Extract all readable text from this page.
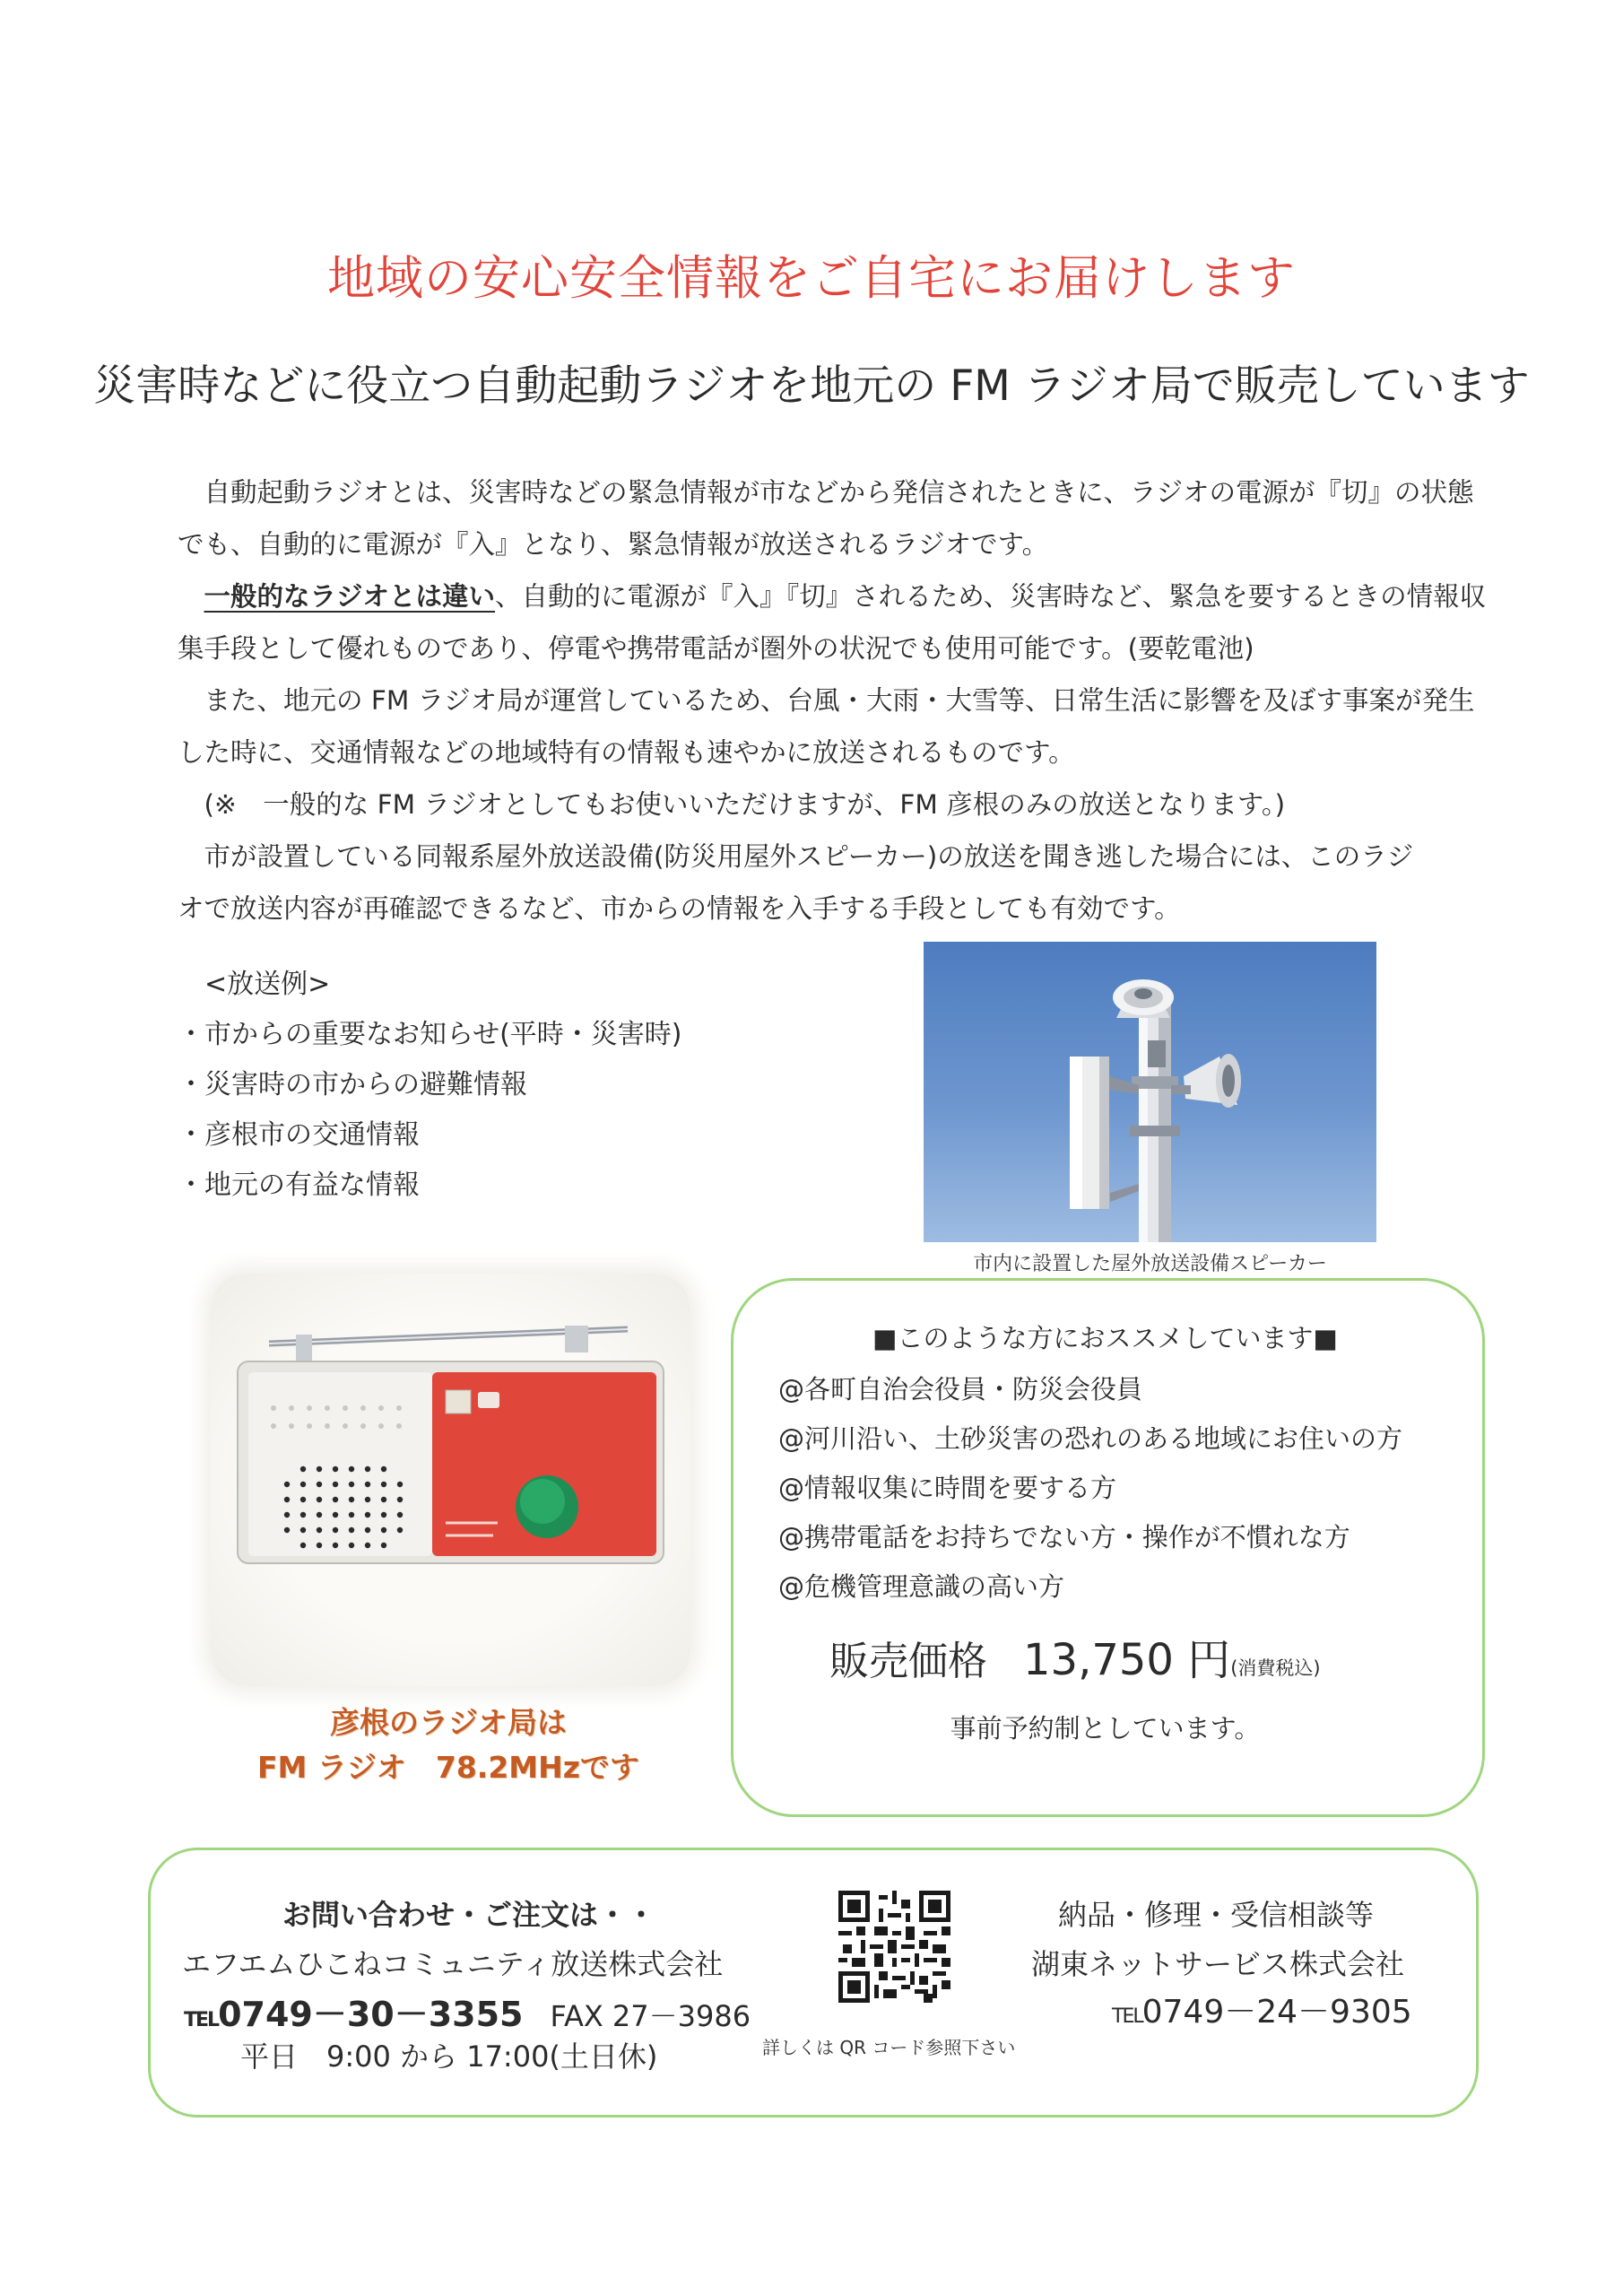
地域の安心安全情報をご自宅にお届けします
災害時などに役立つ自動起動ラジオを地元の FM ラジオ局で販売しています

自動起動ラジオとは、災害時などの緊急情報が市などから発信されたときに、ラジオの電源が『切』の状態

でも、自動的に電源が『入』となり、緊急情報が放送されるラジオです。

一般的なラジオとは違い、自動的に電源が『入』『切』されるため、災害時など、緊急を要するときの情報収

集手段として優れものであり、停電や携帯電話が圏外の状況でも使用可能です。(要乾電池)

また、地元の FM ラジオ局が運営しているため、台風・大雨・大雪等、日常生活に影響を及ぼす事案が発生

した時に、交通情報などの地域特有の情報も速やかに放送されるものです。

(※　一般的な FM ラジオとしてもお使いいただけますが、FM 彦根のみの放送となります。)

市が設置している同報系屋外放送設備(防災用屋外スピーカー)の放送を聞き逃した場合には、このラジ

オで放送内容が再確認できるなど、市からの情報を入手する手段としても有効です。

<放送例>
・市からの重要なお知らせ(平時・災害時)
・災害時の市からの避難情報
・彦根市の交通情報
・地元の有益な情報
市内に設置した屋外放送設備スピーカー
彦根のラジオ局は
FM ラジオ　78.2MHzです
■このような方におススメしています■
@各町自治会役員・防災会役員
@河川沿い、土砂災害の恐れのある地域にお住いの方
@情報収集に時間を要する方
@携帯電話をお持ちでない方・操作が不慣れな方
@危機管理意識の高い方
販売価格 13,750 円(消費税込)
事前予約制としています。
お問い合わせ・ご注文は・・
エフエムひこねコミュニティ放送株式会社
TEL0749－30－3355 FAX 27－3986
平日　9:00 から 17:00(土日休)	詳しくは QR コード参照下さい
納品・修理・受信相談等
湖東ネットサービス株式会社
TEL0749－24－9305
